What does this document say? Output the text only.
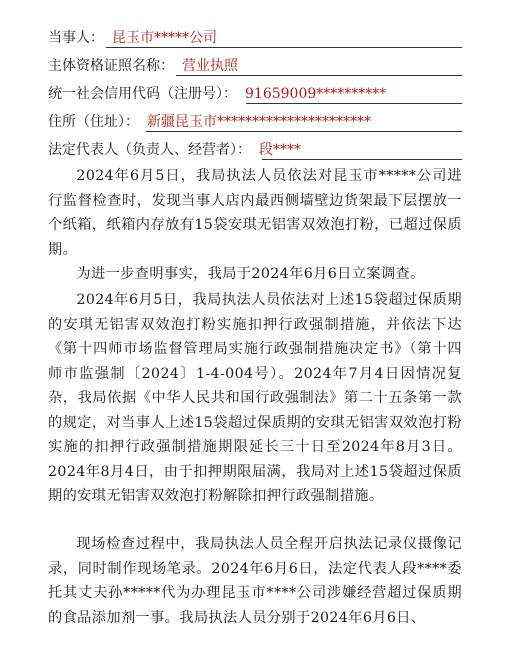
当事人： 昆玉市*****公司
主体资格证照名称： 营业执照
统一社会信用代码（注册号）： 91659009**********
住所（住址）： 新疆昆玉市**********************
法定代表人（负责人、经营者）： 段****

2024年6月5日，我局执法人员依法对昆玉市*****公司进行监督检查时，发现当事人店内最西侧墙壁边货架最下层摆放一个纸箱，纸箱内存放有15袋安琪无铝害双效泡打粉，已超过保质期。

为进一步查明事实，我局于2024年6月6日立案调查。

2024年6月5日，我局执法人员依法对上述15袋超过保质期的安琪无铝害双效泡打粉实施扣押行政强制措施，并依法下达《第十四师市场监督管理局实施行政强制措施决定书》（第十四师市监强制〔2024〕1-4-004号）。2024年7月4日因情况复杂，我局依据《中华人民共和国行政强制法》第二十五条第一款的规定，对当事人上述15袋超过保质期的安琪无铝害双效泡打粉实施的扣押行政强制措施期限延长三十日至2024年8月3日。2024年8月4日，由于扣押期限届满，我局对上述15袋超过保质期的安琪无铝害双效泡打粉解除扣押行政强制措施。

现场检查过程中，我局执法人员全程开启执法记录仪摄像记录，同时制作现场笔录。2024年6月6日，法定代表人段****委托其丈夫孙*****代为办理昆玉市****公司涉嫌经营超过保质期的食品添加剂一事。我局执法人员分别于2024年6月6日、
